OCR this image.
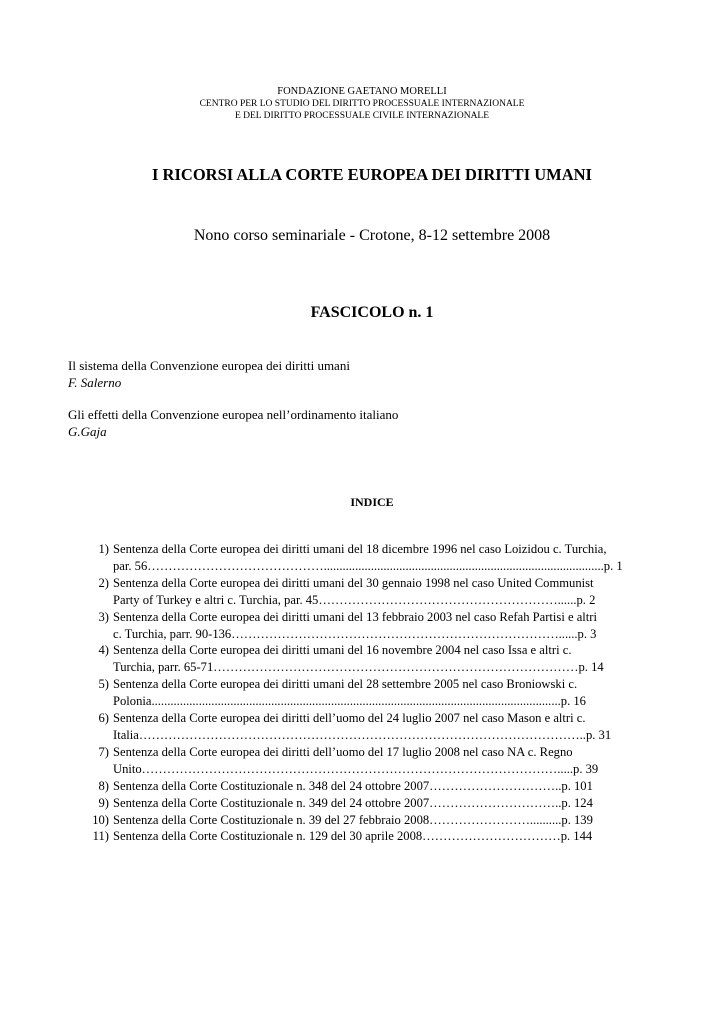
FONDAZIONE GAETANO MORELLI
CENTRO PER LO STUDIO DEL DIRITTO PROCESSUALE INTERNAZIONALE
E DEL DIRITTO PROCESSUALE CIVILE INTERNAZIONALE
I RICORSI ALLA CORTE EUROPEA DEI DIRITTI UMANI
Nono corso seminariale - Crotone, 8-12 settembre 2008
FASCICOLO n. 1
Il sistema della Convenzione europea dei diritti umani
F. Salerno
Gli effetti della Convenzione europea nell’ordinamento italiano
G.Gaja
INDICE
1) Sentenza della Corte europea dei diritti umani del 18 dicembre 1996 nel caso Loizidou c. Turchia,
par. 56…………………………………….........................................................................................p. 1
2) Sentenza della Corte europea dei diritti umani del 30 gennaio 1998 nel caso United Communist
Party of Turkey e altri c. Turchia, par. 45…………………………………………………......p. 2
3) Sentenza della Corte europea dei diritti umani del 13 febbraio 2003 nel caso Refah Partisi e altri
c. Turchia, parr. 90-136……………………………………………………………………......p. 3
4) Sentenza della Corte europea dei diritti umani del 16 novembre 2004 nel caso Issa e altri c.
Turchia, parr. 65-71……………………………………………………………………………p. 14
5) Sentenza della Corte europea dei diritti umani del 28 settembre 2005 nel caso Broniowski c.
Polonia..................................................................................................................................p. 16
6) Sentenza della Corte europea dei diritti dell’uomo del 24 luglio 2007 nel caso Mason e altri c.
Italia……………………………………………………………………………………………..p. 31
7) Sentenza della Corte europea dei diritti dell’uomo del 17 luglio 2008 nel caso NA c. Regno
Unito……………………………………………………………………………………….....p. 39
8) Sentenza della Corte Costituzionale n. 348 del 24 ottobre 2007…………………………..p. 101
9) Sentenza della Corte Costituzionale n. 349 del 24 ottobre 2007…………………………..p. 124
10) Sentenza della Corte Costituzionale n. 39 del 27 febbraio 2008……………………..........p. 139
11) Sentenza della Corte Costituzionale n. 129 del 30 aprile 2008……………………………p. 144
